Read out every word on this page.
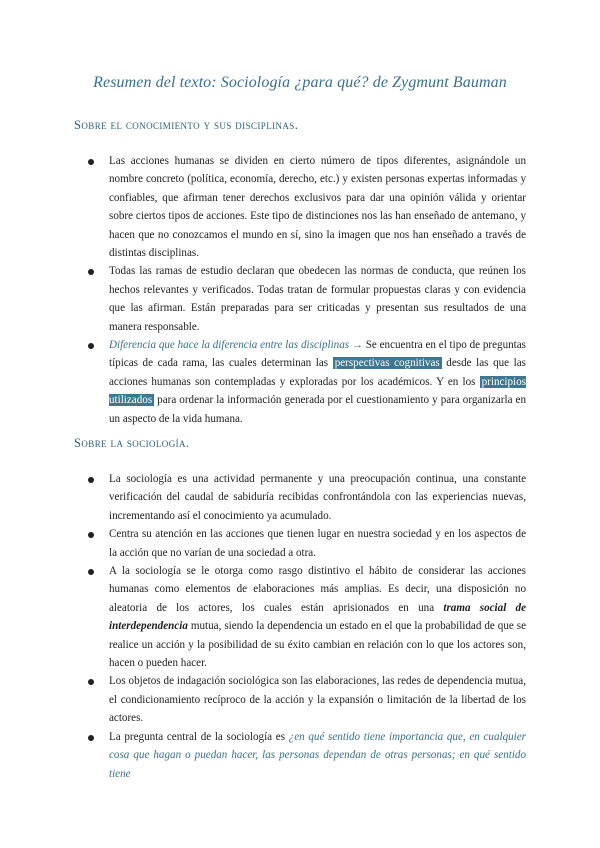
Resumen del texto: Sociología ¿para qué? de Zygmunt Bauman
Sobre el conocimiento y sus disciplinas.
Las acciones humanas se dividen en cierto número de tipos diferentes, asignándole un nombre concreto (política, economía, derecho, etc.) y existen personas expertas informadas y confiables, que afirman tener derechos exclusivos para dar una opinión válida y orientar sobre ciertos tipos de acciones. Este tipo de distinciones nos las han enseñado de antemano, y hacen que no conozcamos el mundo en sí, sino la imagen que nos han enseñado a través de distintas disciplinas.
Todas las ramas de estudio declaran que obedecen las normas de conducta, que reúnen los hechos relevantes y verificados. Todas tratan de formular propuestas claras y con evidencia que las afirman. Están preparadas para ser criticadas y presentan sus resultados de una manera responsable.
Diferencia que hace la diferencia entre las disciplinas → Se encuentra en el tipo de preguntas típicas de cada rama, las cuales determinan las perspectivas cognitivas desde las que las acciones humanas son contempladas y exploradas por los académicos. Y en los principios utilizados para ordenar la información generada por el cuestionamiento y para organizarla en un aspecto de la vida humana.
Sobre la sociología.
La sociología es una actividad permanente y una preocupación continua, una constante verificación del caudal de sabiduría recibidas confrontándola con las experiencias nuevas, incrementando así el conocimiento ya acumulado.
Centra su atención en las acciones que tienen lugar en nuestra sociedad y en los aspectos de la acción que no varían de una sociedad a otra.
A la sociología se le otorga como rasgo distintivo el hábito de considerar las acciones humanas como elementos de elaboraciones más amplias. Es decir, una disposición no aleatoria de los actores, los cuales están aprisionados en una trama social de interdependencia mutua, siendo la dependencia un estado en el que la probabilidad de que se realice un acción y la posibilidad de su éxito cambian en relación con lo que los actores son, hacen o pueden hacer.
Los objetos de indagación sociológica son las elaboraciones, las redes de dependencia mutua, el condicionamiento recíproco de la acción y la expansión o limitación de la libertad de los actores.
La pregunta central de la sociología es ¿en qué sentido tiene importancia que, en cualquier cosa que hagan o puedan hacer, las personas dependan de otras personas; en qué sentido tiene
